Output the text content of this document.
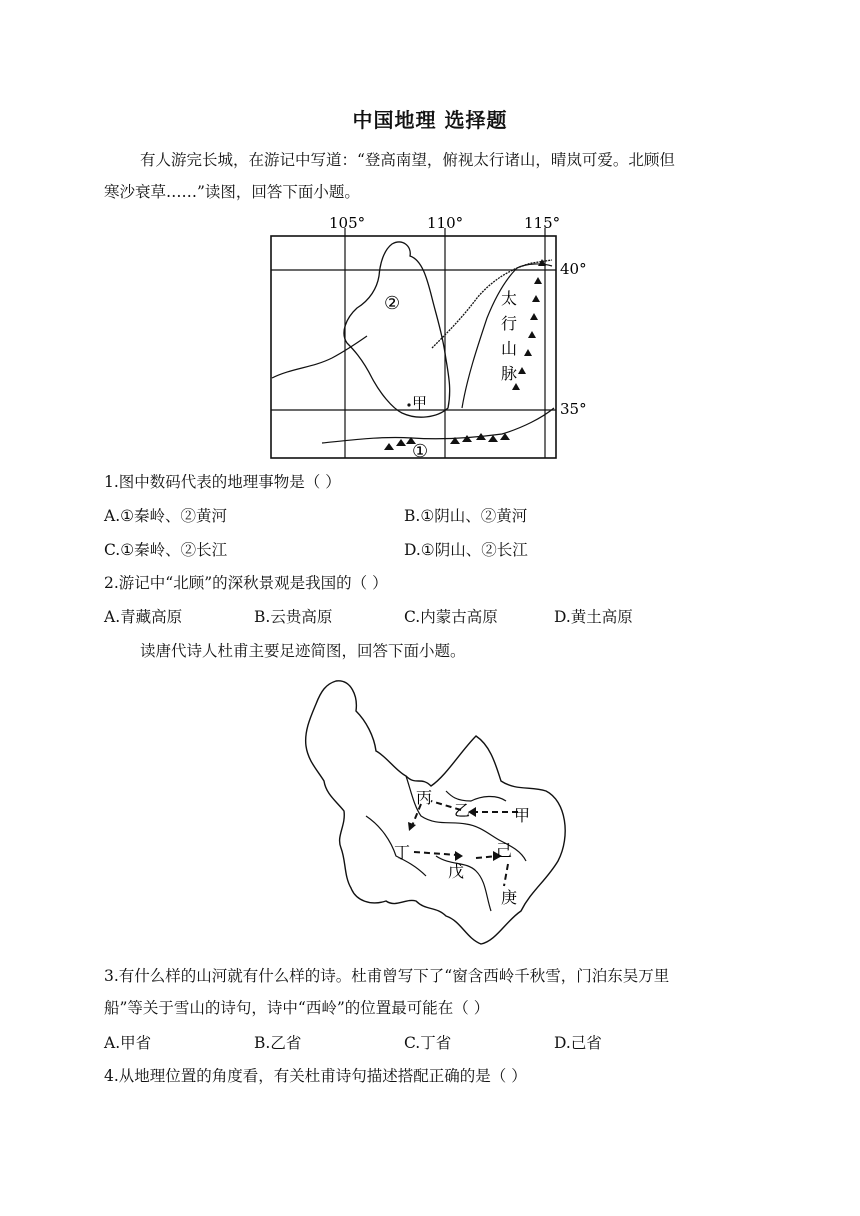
中国地理 选择题
有人游完长城，在游记中写道：“登高南望，俯视太行诸山，晴岚可爱。北顾但
寒沙衰草……”读图，回答下面小题。
105°	110°	115°
40°
35°
太
行
山
脉
②
①
甲
1.图中数码代表的地理事物是（ ）
A.①秦岭、②黄河	B.①阴山、②黄河
C.①秦岭、②长江	D.①阴山、②长江
2.游记中“北顾”的深秋景观是我国的（ ）
A.青藏高原	B.云贵高原	C.内蒙古高原	D.黄土高原
读唐代诗人杜甫主要足迹简图，回答下面小题。
丙
乙	甲
丁	己
戊
庚
3.有什么样的山河就有什么样的诗。杜甫曾写下了“窗含西岭千秋雪，门泊东吴万里
船”等关于雪山的诗句，诗中“西岭”的位置最可能在（ ）
A.甲省	B.乙省	C.丁省	D.己省
4.从地理位置的角度看，有关杜甫诗句描述搭配正确的是（ ）
